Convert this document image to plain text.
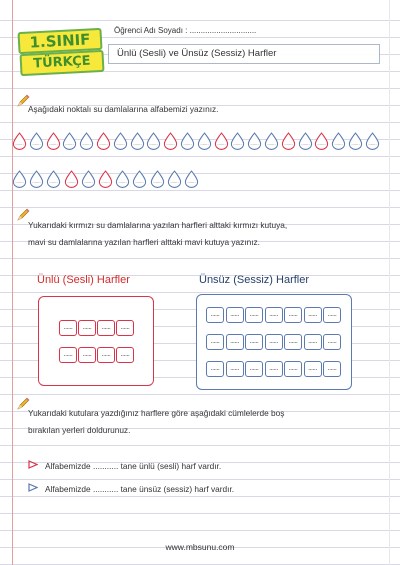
1.SINIF
TÜRKÇE
Öğrenci Adı Soyadı : ..............................
Ünlü (Sesli) ve Ünsüz (Sessiz) Harfler
Aşağıdaki noktalı su damlalarına alfabemizi yazınız.
....... ....... ....... ....... ....... ....... ....... ....... ....... ....... ....... ....... ....... ....... ....... ....... ....... ....... ....... ....... ....... .......
....... ....... ....... ....... ....... ....... ....... ....... ....... ....... .......
Yukarıdaki kırmızı su damlalarına yazılan harfleri alttaki kırmızı kutuya,
mavi su damlalarına yazılan harfleri alttaki mavi kutuya yazınız.
Ünlü (Sesli) Harfler	Ünsüz (Sessiz) Harfler
......	......	......	......
......	......	......	......
......	......	......	......	......	......	......
......	......	......	......	......	......	......
......	......	......	......	......	......	......
Yukarıdaki kutulara yazdığınız harflere göre aşağıdaki cümlelerde boş
bırakılan yerleri doldurunuz.
Alfabemizde ........... tane ünlü (sesli) harf vardır.
Alfabemizde ........... tane ünsüz (sessiz) harf vardır.
www.mbsunu.com
